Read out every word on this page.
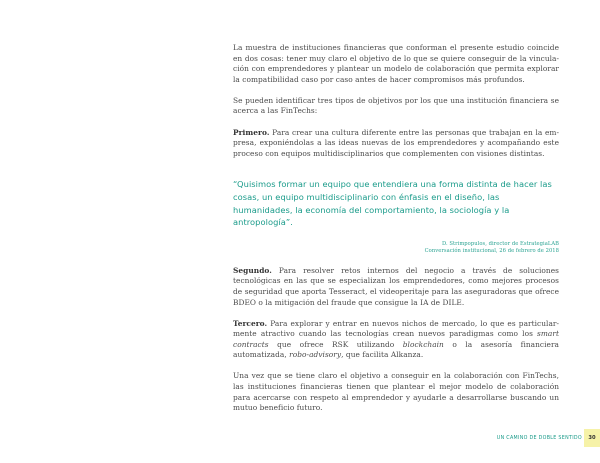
La muestra de instituciones financieras que conforman el presente estudio coincide en dos cosas: tener muy claro el objetivo de lo que se quiere conseguir de la vinculación con emprendedores y plantear un modelo de colaboración que permita explorar la compatibilidad caso por caso antes de hacer compromisos más profundos.

Se pueden identificar tres tipos de objetivos por los que una institución financiera se acerca a las FinTechs:

Primero. Para crear una cultura diferente entre las personas que trabajan en la empresa, exponiéndolas a las ideas nuevas de los emprendedores y acompañando este proceso con equipos multidisciplinarios que complementen con visiones distintas.

“Quisimos formar un equipo que entendiera una forma distinta de hacer las cosas, un equipo multidisciplinario con énfasis en el diseño, las humanidades, la economía del comportamiento, la sociología y la antropología”.
D. Strimpopulos, director de EstrategiaLAB
Conversación institucional, 26 de febrero de 2018

Segundo. Para resolver retos internos del negocio a través de soluciones tecnológicas en las que se especializan los emprendedores, como mejores procesos de seguridad que aporta Tesseract, el videoperitaje para las aseguradoras que ofrece BDEO o la mitigación del fraude que consigue la IA de DILE.

Tercero. Para explorar y entrar en nuevos nichos de mercado, lo que es particularmente atractivo cuando las tecnologías crean nuevos paradigmas como los smart contracts que ofrece RSK utilizando blockchain o la asesoría financiera automatizada, robo-advisory, que facilita Alkanza.

Una vez que se tiene claro el objetivo a conseguir en la colaboración con FinTechs, las instituciones financieras tienen que plantear el mejor modelo de colaboración para acercarse con respeto al emprendedor y ayudarle a desarrollarse buscando un mutuo beneficio futuro.

UN CAMINO DE DOBLE SENTIDO	30
